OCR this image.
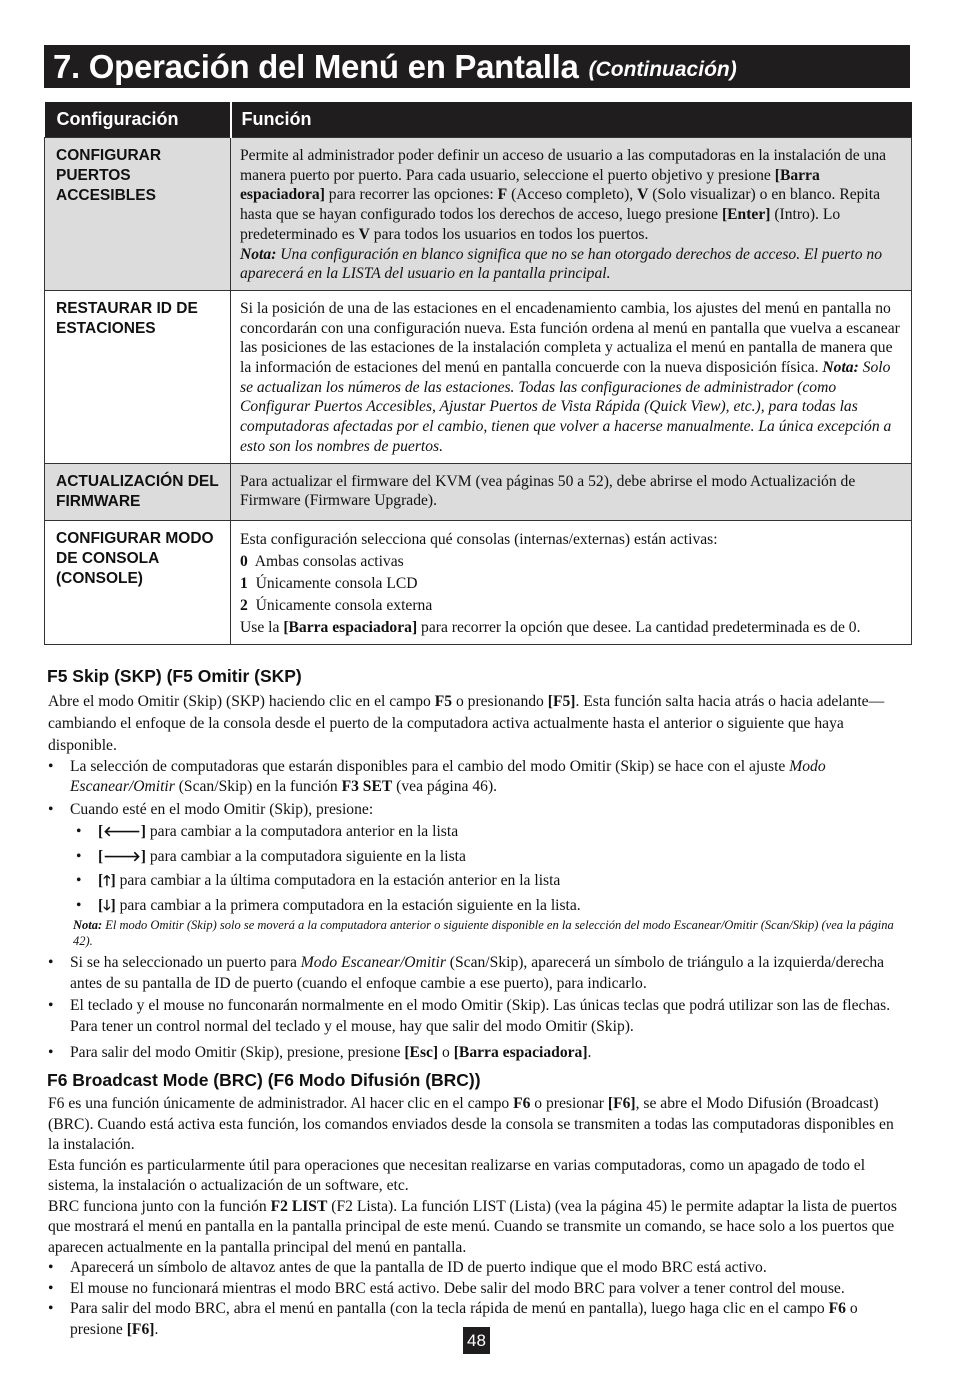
7. Operación del Menú en Pantalla (Continuación)
Configuración	Función
CONFIGURAR PUERTOS ACCESIBLES	Permite al administrador poder definir un acceso de usuario a las computadoras en la instalación de una manera puerto por puerto. Para cada usuario, seleccione el puerto objetivo y presione [Barra espaciadora] para recorrer las opciones: F (Acceso completo), V (Solo visualizar) o en blanco. Repita hasta que se hayan configurado todos los derechos de acceso, luego presione [Enter] (Intro). Lo predeterminado es V para todos los usuarios en todos los puertos.
Nota: Una configuración en blanco significa que no se han otorgado derechos de acceso. El puerto no aparecerá en la LISTA del usuario en la pantalla principal.
RESTAURAR ID DE ESTACIONES	Si la posición de una de las estaciones en el encadenamiento cambia, los ajustes del menú en pantalla no concordarán con una configuración nueva. Esta función ordena al menú en pantalla que vuelva a escanear las posiciones de las estaciones de la instalación completa y actualiza el menú en pantalla de manera que la información de estaciones del menú en pantalla concuerde con la nueva disposición física. Nota: Solo se actualizan los números de las estaciones. Todas las configuraciones de administrador (como Configurar Puertos Accesibles, Ajustar Puertos de Vista Rápida (Quick View), etc.), para todas las computadoras afectadas por el cambio, tienen que volver a hacerse manualmente. La única excepción a esto son los nombres de puertos.
ACTUALIZACIÓN DEL FIRMWARE	Para actualizar el firmware del KVM (vea páginas 50 a 52), debe abrirse el modo Actualización de Firmware (Firmware Upgrade).
CONFIGURAR MODO DE CONSOLA (CONSOLE)	Esta configuración selecciona qué consolas (internas/externas) están activas:
0 Ambas consolas activas
1 Únicamente consola LCD
2 Únicamente consola externa
Use la [Barra espaciadora] para recorrer la opción que desee. La cantidad predeterminada es de 0.
F5 Skip (SKP) (F5 Omitir (SKP)

Abre el modo Omitir (Skip) (SKP) haciendo clic en el campo F5 o presionando [F5]. Esta función salta hacia atrás o hacia adelante—cambiando el enfoque de la consola desde el puerto de la computadora activa actualmente hasta el anterior o siguiente que haya disponible.

• La selección de computadoras que estarán disponibles para el cambio del modo Omitir (Skip) se hace con el ajuste Modo Escanear/Omitir (Scan/Skip) en la función F3 SET (vea página 46).
• Cuando esté en el modo Omitir (Skip), presione:
• [🡐] para cambiar a la computadora anterior en la lista
• [🡒] para cambiar a la computadora siguiente en la lista
• [🡑] para cambiar a la última computadora en la estación anterior en la lista
• [🡓] para cambiar a la primera computadora en la estación siguiente en la lista.
Nota: El modo Omitir (Skip) solo se moverá a la computadora anterior o siguiente disponible en la selección del modo Escanear/Omitir (Scan/Skip) (vea la página 42).
• Si se ha seleccionado un puerto para Modo Escanear/Omitir (Scan/Skip), aparecerá un símbolo de triángulo a la izquierda/derecha antes de su pantalla de ID de puerto (cuando el enfoque cambie a ese puerto), para indicarlo.
• El teclado y el mouse no funconarán normalmente en el modo Omitir (Skip). Las únicas teclas que podrá utilizar son las de flechas. Para tener un control normal del teclado y el mouse, hay que salir del modo Omitir (Skip).
• Para salir del modo Omitir (Skip), presione, presione [Esc] o [Barra espaciadora].
F6 Broadcast Mode (BRC) (F6 Modo Difusión (BRC))

F6 es una función únicamente de administrador. Al hacer clic en el campo F6 o presionar [F6], se abre el Modo Difusión (Broadcast) (BRC). Cuando está activa esta función, los comandos enviados desde la consola se transmiten a todas las computadoras disponibles en la instalación.

Esta función es particularmente útil para operaciones que necesitan realizarse en varias computadoras, como un apagado de todo el sistema, la instalación o actualización de un software, etc.

BRC funciona junto con la función F2 LIST (F2 Lista). La función LIST (Lista) (vea la página 45) le permite adaptar la lista de puertos que mostrará el menú en pantalla en la pantalla principal de este menú. Cuando se transmite un comando, se hace solo a los puertos que aparecen actualmente en la pantalla principal del menú en pantalla.

• Aparecerá un símbolo de altavoz antes de que la pantalla de ID de puerto indique que el modo BRC está activo.
• El mouse no funcionará mientras el modo BRC está activo. Debe salir del modo BRC para volver a tener control del mouse.
• Para salir del modo BRC, abra el menú en pantalla (con la tecla rápida de menú en pantalla), luego haga clic en el campo F6 o presione [F6].
48
